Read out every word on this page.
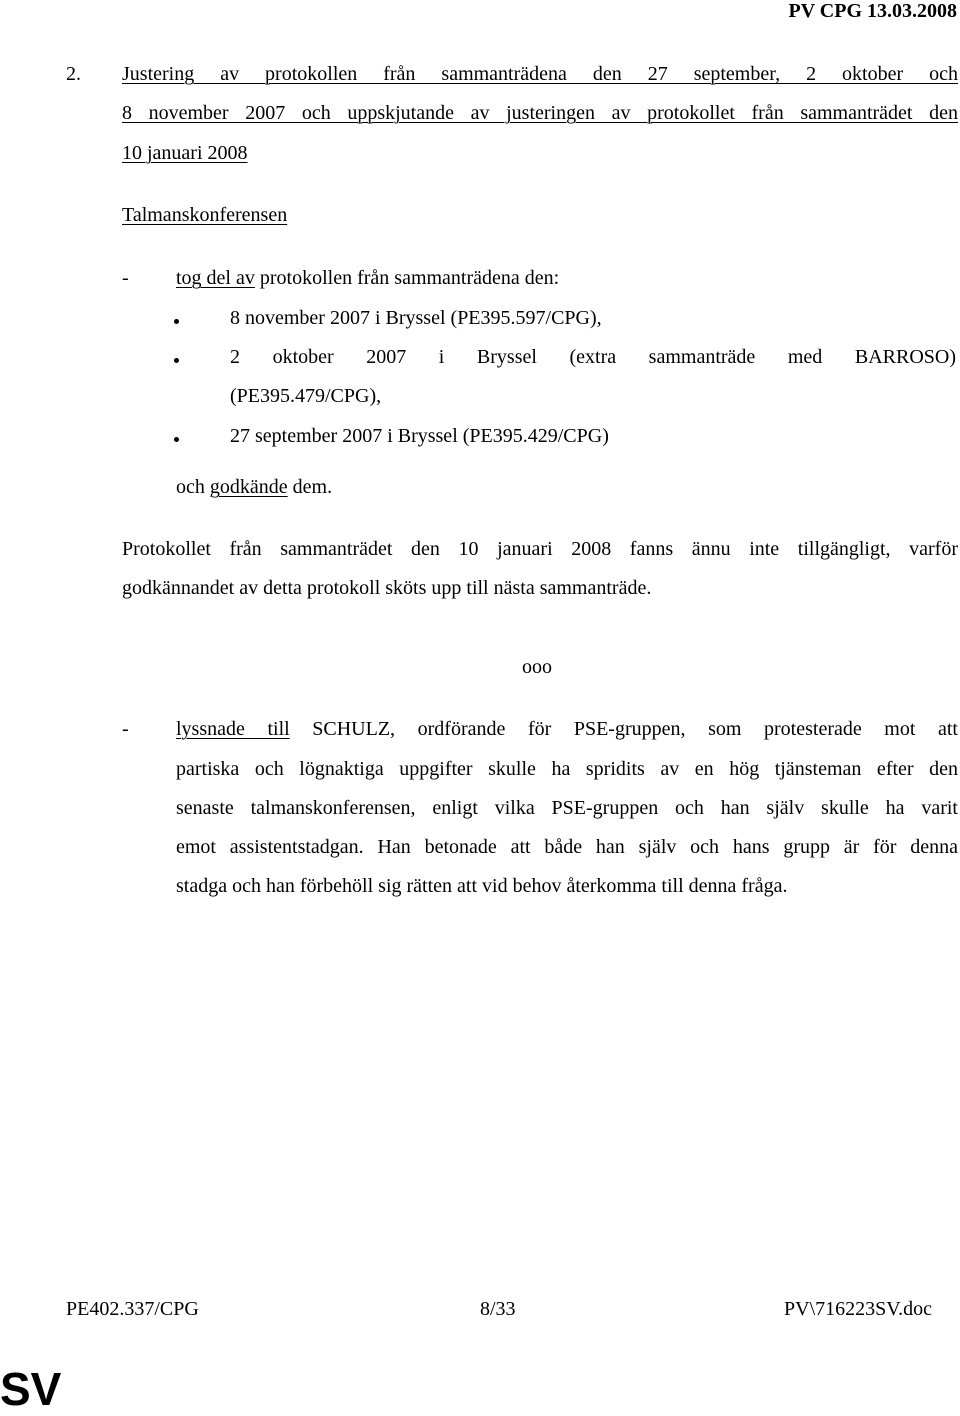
PV CPG 13.03.2008
2. Justering av protokollen från sammanträdena den 27 september, 2 oktober och
8 november 2007 och uppskjutande av justeringen av protokollet från sammanträdet den
10 januari 2008
Talmanskonferensen
- tog del av protokollen från sammanträdena den:
8 november 2007 i Bryssel (PE395.597/CPG),
2 oktober 2007 i Bryssel (extra sammanträde med BARROSO)
(PE395.479/CPG),
27 september 2007 i Bryssel (PE395.429/CPG)
och godkände dem.
Protokollet från sammanträdet den 10 januari 2008 fanns ännu inte tillgängligt, varför
godkännandet av detta protokoll sköts upp till nästa sammanträde.
ooo
- lyssnade till SCHULZ, ordförande för PSE-gruppen, som protesterade mot att
partiska och lögnaktiga uppgifter skulle ha spridits av en hög tjänsteman efter den
senaste talmanskonferensen, enligt vilka PSE-gruppen och han själv skulle ha varit
emot assistentstadgan. Han betonade att både han själv och hans grupp är för denna
stadga och han förbehöll sig rätten att vid behov återkomma till denna fråga.
PE402.337/CPG	8/33	PV\716223SV.doc
SV
